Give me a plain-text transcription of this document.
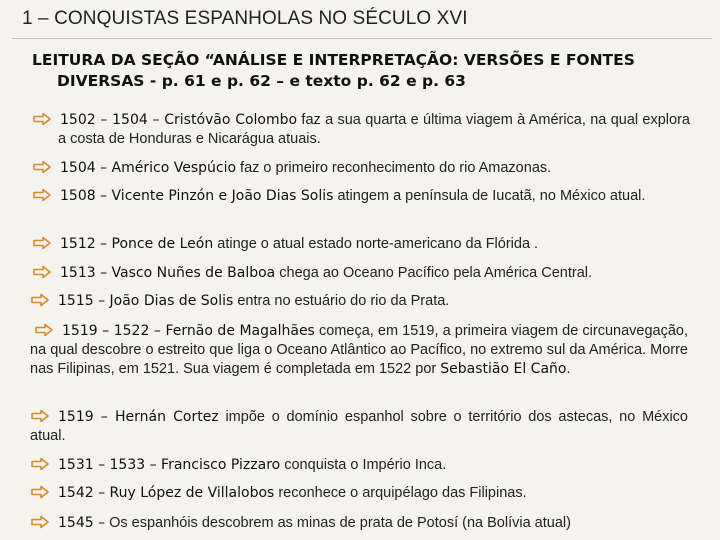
1 – CONQUISTAS ESPANHOLAS NO SÉCULO XVI
LEITURA DA SEÇÃO “ANÁLISE E INTERPRETAÇÃO: VERSÕES E FONTES
DIVERSAS - p. 61 e p. 62 – e texto p. 62 e p. 63
1502 – 1504 – Cristóvão Colombo faz a sua quarta e última viagem à América, na qual explora a costa de Honduras e Nicarágua atuais.
1504 – Américo Vespúcio faz o primeiro reconhecimento do rio Amazonas.
1508 – Vicente Pinzón e João Dias Solis atingem a península de Iucatã, no México atual.
1512 – Ponce de León atinge o atual estado norte-americano da Flórida .
1513 – Vasco Nuñes de Balboa chega ao Oceano Pacífico pela América Central.
1515 – João Dias de Solis entra no estuário do rio da Prata.
1519 – 1522 – Fernão de Magalhães começa, em 1519, a primeira viagem de circunavegação, na qual descobre o estreito que liga o Oceano Atlântico ao Pacífico, no extremo sul da América. Morre nas Filipinas, em 1521. Sua viagem é completada em 1522 por Sebastião El Caño.
1519 – Hernán Cortez impõe o domínio espanhol sobre o território dos astecas, no México atual.
1531 – 1533 – Francisco Pizzaro conquista o Império Inca.
1542 – Ruy López de Villalobos reconhece o arquipélago das Filipinas.
1545 – Os espanhóis descobrem as minas de prata de Potosí (na Bolívia atual)
